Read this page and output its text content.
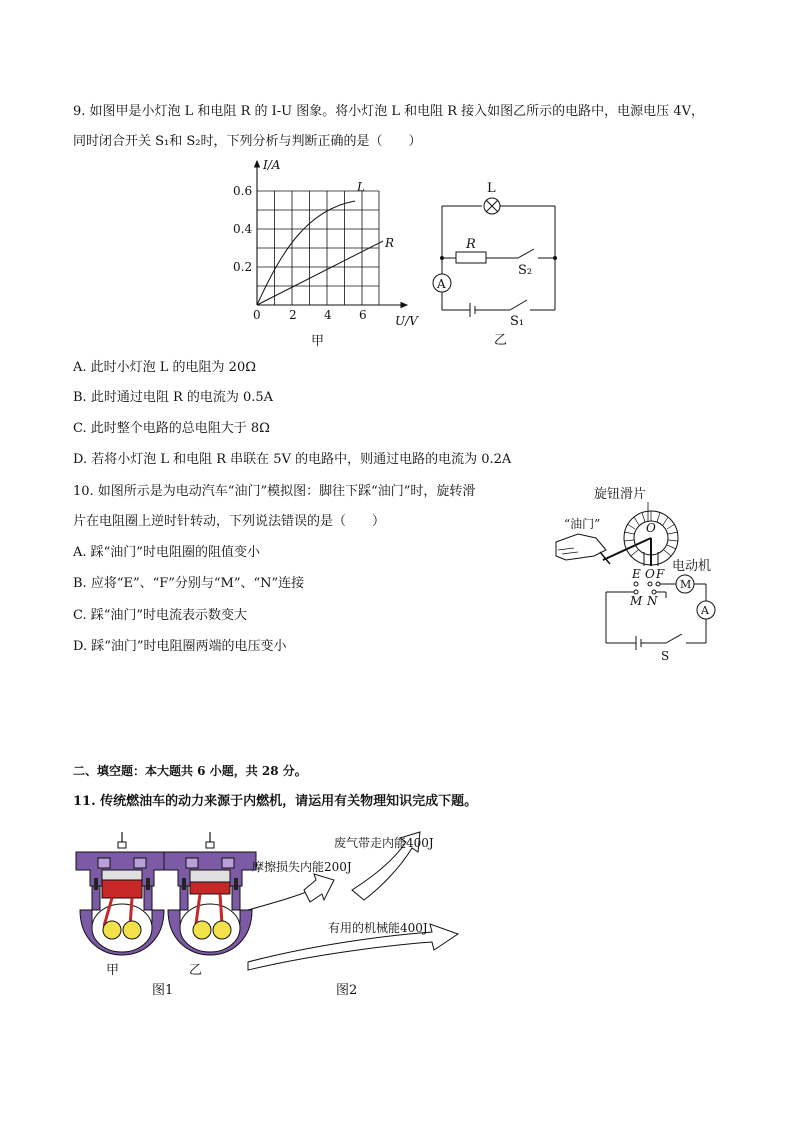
9. 如图甲是小灯泡 L 和电阻 R 的 I-U 图象。将小灯泡 L 和电阻 R 接入如图乙所示的电路中，电源电压 4V，
同时闭合开关 S₁和 S₂时，下列分析与判断正确的是（　　）
I/A
0.6
0.4
0.2
0 2 4 6 U/V
L
R
甲
L
R
S₂
A
S₁
乙
A. 此时小灯泡 L 的电阻为 20Ω
B. 此时通过电阻 R 的电流为 0.5A
C. 此时整个电路的总电阻大于 8Ω
D. 若将小灯泡 L 和电阻 R 串联在 5V 的电路中，则通过电路的电流为 0.2A
10. 如图所示是为电动汽车“油门”模拟图：脚往下踩“油门”时，旋转滑
片在电阻圈上逆时针转动，下列说法错误的是（　　）
A. 踩“油门”时电阻圈的阻值变小
B. 应将“E”、“F”分别与“M”、“N”连接
C. 踩“油门”时电流表示数变大
D. 踩“油门”时电阻圈两端的电压变小
旋钮滑片
O
“油门”
E O F
M N
电动机
M
A
S
二、填空题：本大题共 6 小题，共 28 分。
11. 传统燃油车的动力来源于内燃机，请运用有关物理知识完成下题。
甲	乙
图1
废气带走内能400J
摩擦损失内能200J
有用的机械能400J
图2
